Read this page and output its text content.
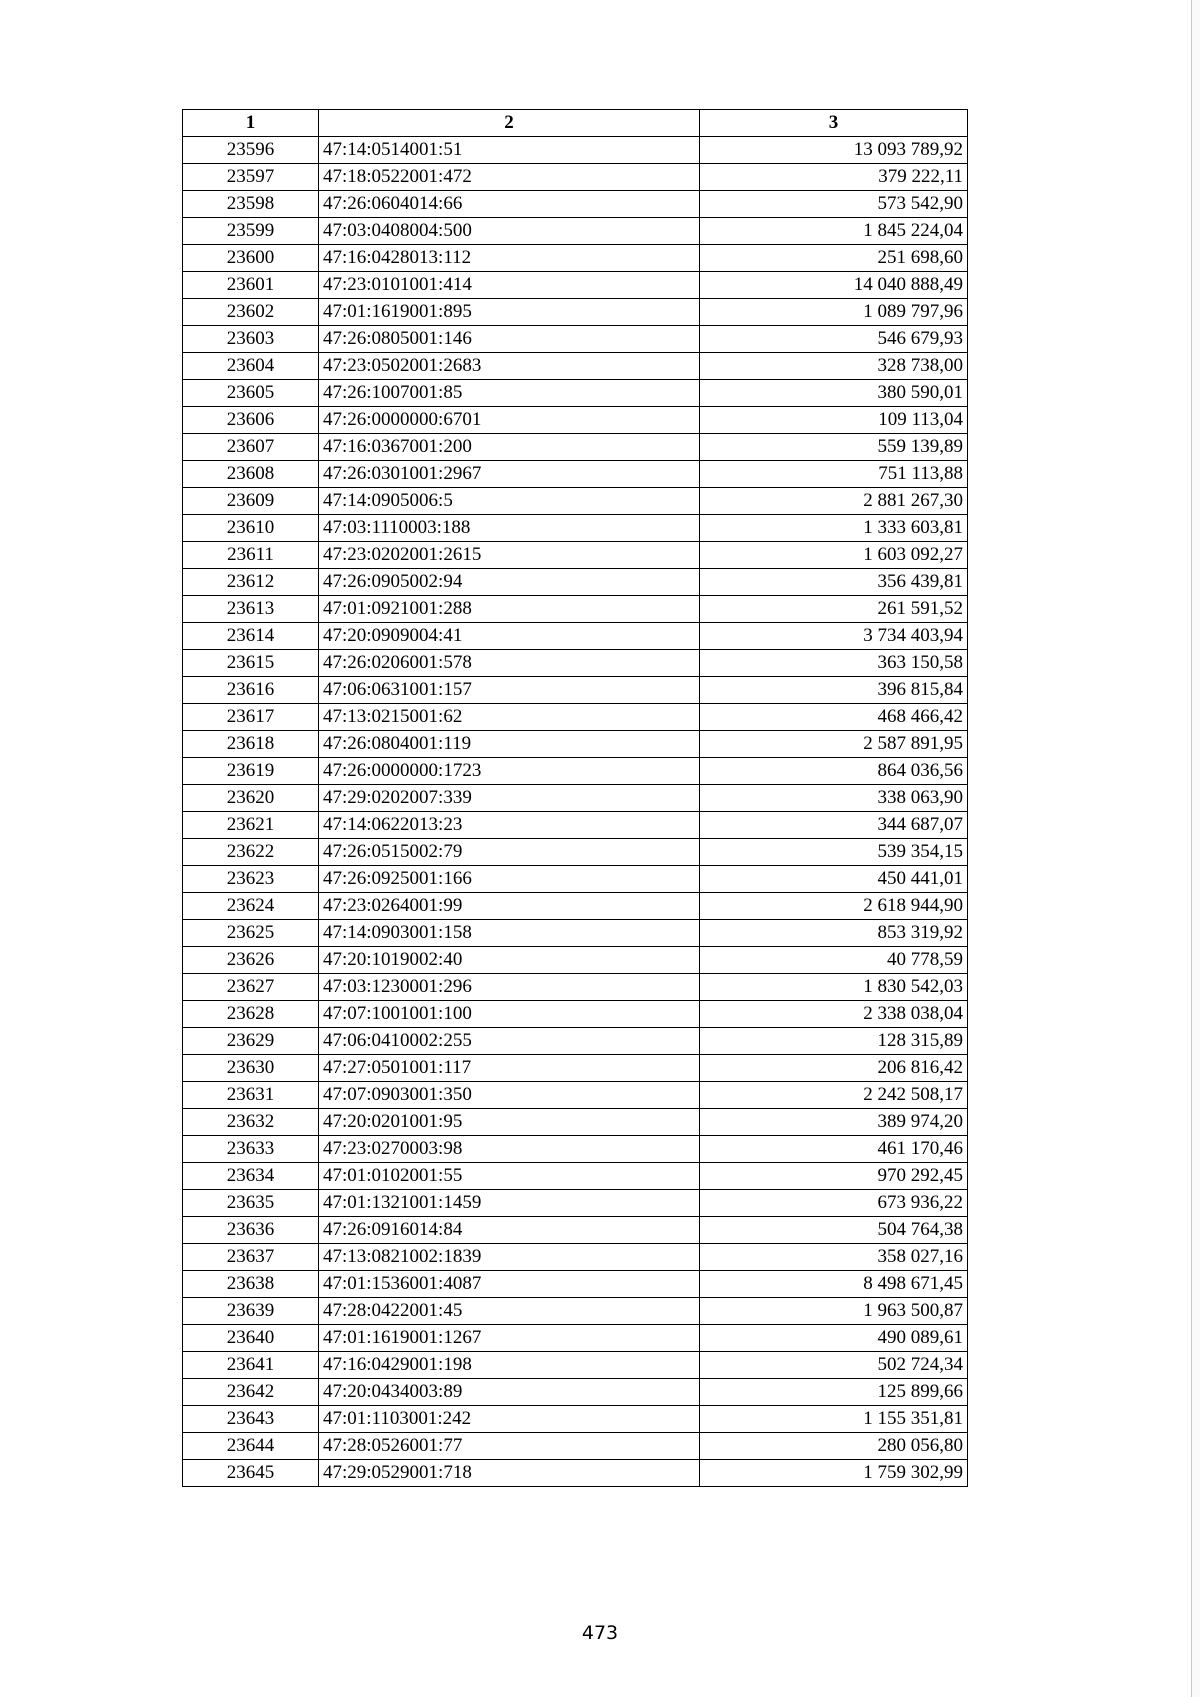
1	2	3
23596	47:14:0514001:51	13 093 789,92
23597	47:18:0522001:472	379 222,11
23598	47:26:0604014:66	573 542,90
23599	47:03:0408004:500	1 845 224,04
23600	47:16:0428013:112	251 698,60
23601	47:23:0101001:414	14 040 888,49
23602	47:01:1619001:895	1 089 797,96
23603	47:26:0805001:146	546 679,93
23604	47:23:0502001:2683	328 738,00
23605	47:26:1007001:85	380 590,01
23606	47:26:0000000:6701	109 113,04
23607	47:16:0367001:200	559 139,89
23608	47:26:0301001:2967	751 113,88
23609	47:14:0905006:5	2 881 267,30
23610	47:03:1110003:188	1 333 603,81
23611	47:23:0202001:2615	1 603 092,27
23612	47:26:0905002:94	356 439,81
23613	47:01:0921001:288	261 591,52
23614	47:20:0909004:41	3 734 403,94
23615	47:26:0206001:578	363 150,58
23616	47:06:0631001:157	396 815,84
23617	47:13:0215001:62	468 466,42
23618	47:26:0804001:119	2 587 891,95
23619	47:26:0000000:1723	864 036,56
23620	47:29:0202007:339	338 063,90
23621	47:14:0622013:23	344 687,07
23622	47:26:0515002:79	539 354,15
23623	47:26:0925001:166	450 441,01
23624	47:23:0264001:99	2 618 944,90
23625	47:14:0903001:158	853 319,92
23626	47:20:1019002:40	40 778,59
23627	47:03:1230001:296	1 830 542,03
23628	47:07:1001001:100	2 338 038,04
23629	47:06:0410002:255	128 315,89
23630	47:27:0501001:117	206 816,42
23631	47:07:0903001:350	2 242 508,17
23632	47:20:0201001:95	389 974,20
23633	47:23:0270003:98	461 170,46
23634	47:01:0102001:55	970 292,45
23635	47:01:1321001:1459	673 936,22
23636	47:26:0916014:84	504 764,38
23637	47:13:0821002:1839	358 027,16
23638	47:01:1536001:4087	8 498 671,45
23639	47:28:0422001:45	1 963 500,87
23640	47:01:1619001:1267	490 089,61
23641	47:16:0429001:198	502 724,34
23642	47:20:0434003:89	125 899,66
23643	47:01:1103001:242	1 155 351,81
23644	47:28:0526001:77	280 056,80
23645	47:29:0529001:718	1 759 302,99
473
